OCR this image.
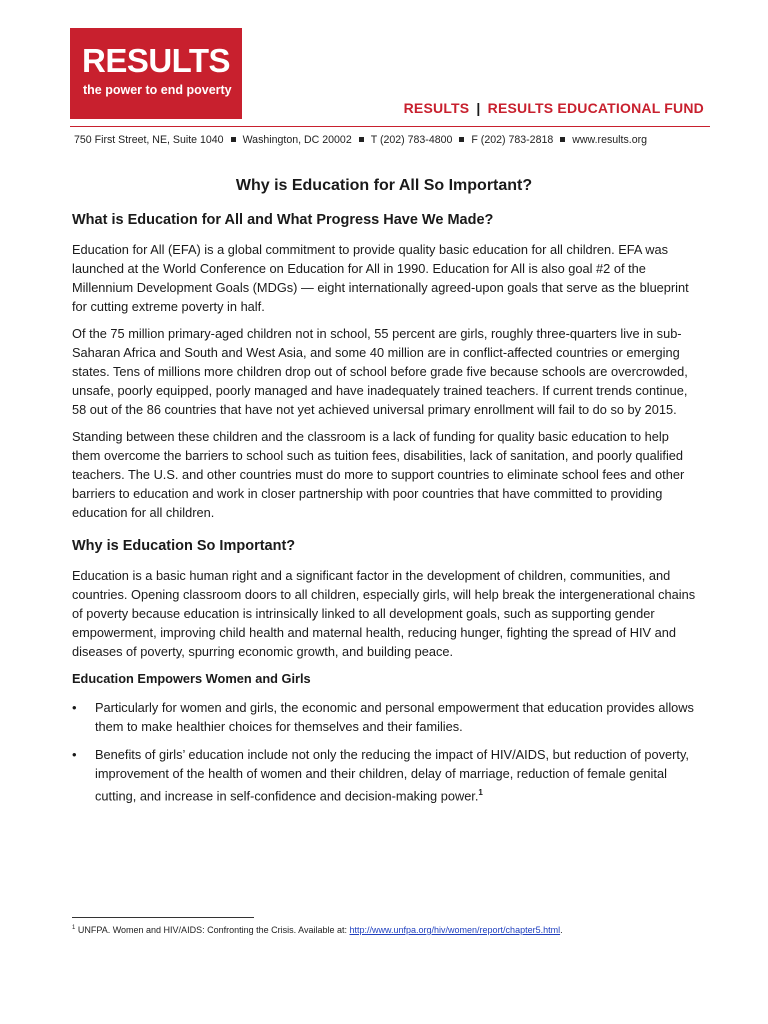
RESULTS
the power to end poverty
RESULTS | RESULTS EDUCATIONAL FUND
750 First Street, NE, Suite 1040 Washington, DC 20002 T (202) 783-4800 F (202) 783-2818 www.results.org
Why is Education for All So Important?
What is Education for All and What Progress Have We Made?

Education for All (EFA) is a global commitment to provide quality basic education for all children. EFA was launched at the World Conference on Education for All in 1990. Education for All is also goal #2 of the Millennium Development Goals (MDGs) — eight internationally agreed-upon goals that serve as the blueprint for cutting extreme poverty in half.

Of the 75 million primary-aged children not in school, 55 percent are girls, roughly three-quarters live in sub-Saharan Africa and South and West Asia, and some 40 million are in conflict-affected countries or emerging states. Tens of millions more children drop out of school before grade five because schools are overcrowded, unsafe, poorly equipped, poorly managed and have inadequately trained teachers. If current trends continue, 58 out of the 86 countries that have not yet achieved universal primary enrollment will fail to do so by 2015.

Standing between these children and the classroom is a lack of funding for quality basic education to help them overcome the barriers to school such as tuition fees, disabilities, lack of sanitation, and poorly qualified teachers. The U.S. and other countries must do more to support countries to eliminate school fees and other barriers to education and work in closer partnership with poor countries that have committed to providing education for all children.

Why is Education So Important?

Education is a basic human right and a significant factor in the development of children, communities, and countries. Opening classroom doors to all children, especially girls, will help break the intergenerational chains of poverty because education is intrinsically linked to all development goals, such as supporting gender empowerment, improving child health and maternal health, reducing hunger, fighting the spread of HIV and diseases of poverty, spurring economic growth, and building peace.

Education Empowers Women and Girls
• Particularly for women and girls, the economic and personal empowerment that education provides allows them to make healthier choices for themselves and their families.
• Benefits of girls’ education include not only the reducing the impact of HIV/AIDS, but reduction of poverty, improvement of the health of women and their children, delay of marriage, reduction of female genital cutting, and increase in self-confidence and decision-making power.$^1$
$^1$ UNFPA. Women and HIV/AIDS: Confronting the Crisis. Available at: http://www.unfpa.org/hiv/women/report/chapter5.html.
